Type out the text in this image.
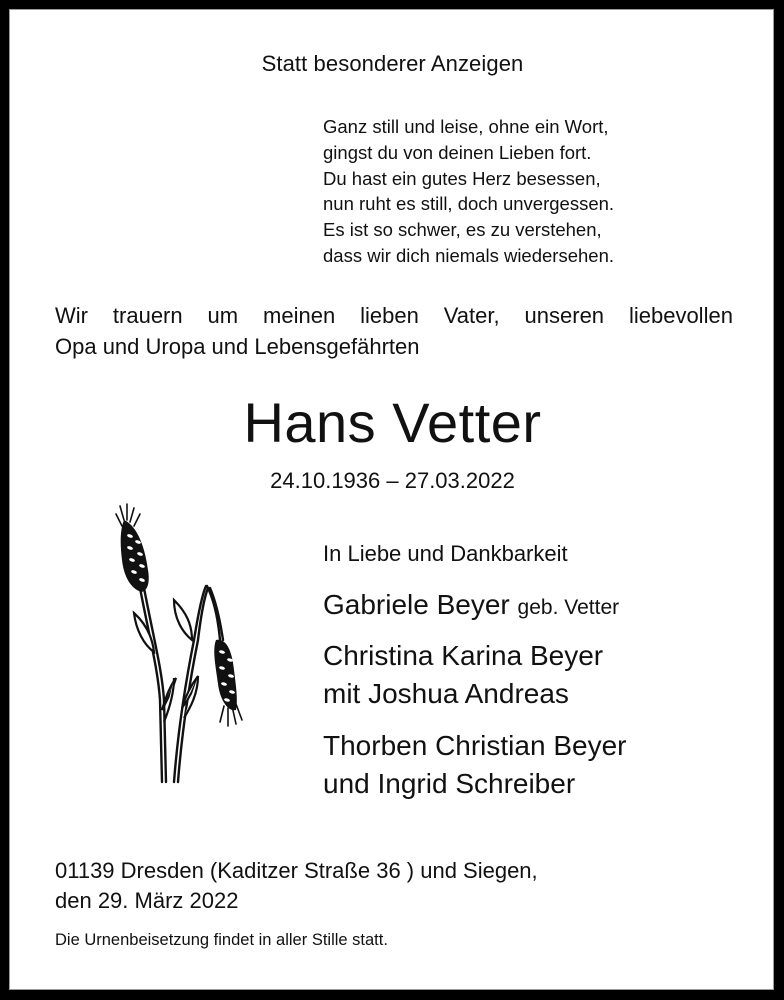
Statt besonderer Anzeigen
Ganz still und leise, ohne ein Wort,
gingst du von deinen Lieben fort.
Du hast ein gutes Herz besessen,
nun ruht es still, doch unvergessen.
Es ist so schwer, es zu verstehen,
dass wir dich niemals wiedersehen.
Wir trauern um meinen lieben Vater, unseren liebevollen
Opa und Uropa und Lebensgefährten
Hans Vetter
24.10.1936 – 27.03.2022
In Liebe und Dankbarkeit
Gabriele Beyer geb. Vetter
Christina Karina Beyer
mit Joshua Andreas
Thorben Christian Beyer
und Ingrid Schreiber
01139 Dresden (Kaditzer Straße 36 ) und Siegen,
den 29. März 2022
Die Urnenbeisetzung findet in aller Stille statt.
